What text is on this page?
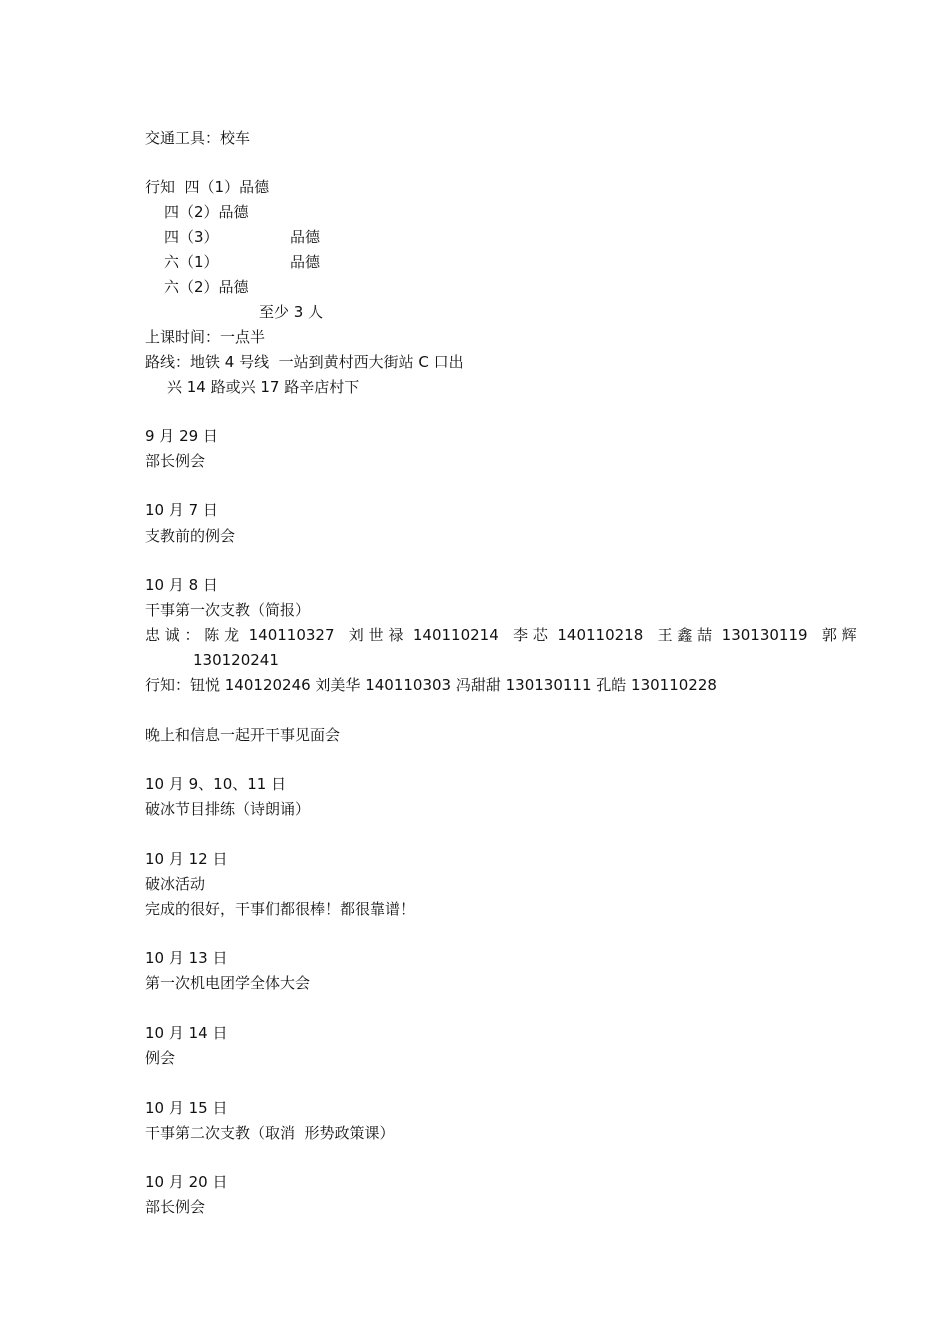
交通工具：校车
行知  四（1）品德
四（2）品德
四（3）	品德
六（1）	品德
六（2）品德
至少 3 人
上课时间：一点半
路线：地铁 4 号线  一站到黄村西大街站 C 口出
兴 14 路或兴 17 路辛店村下
9 月 29 日
部长例会
10 月 7 日
支教前的例会
10 月 8 日
干事第一次支教（简报）
忠 诚 ： 陈 龙  140110327   刘 世 禄  140110214   李 芯  140110218   王 鑫 喆  130130119   郭 辉
130120241
行知：钮悦 140120246 刘美华 140110303 冯甜甜 130130111 孔皓 130110228
晚上和信息一起开干事见面会
10 月 9、10、11 日
破冰节目排练（诗朗诵）
10 月 12 日
破冰活动
完成的很好，干事们都很棒！都很靠谱！
10 月 13 日
第一次机电团学全体大会
10 月 14 日
例会
10 月 15 日
干事第二次支教（取消  形势政策课）
10 月 20 日
部长例会
